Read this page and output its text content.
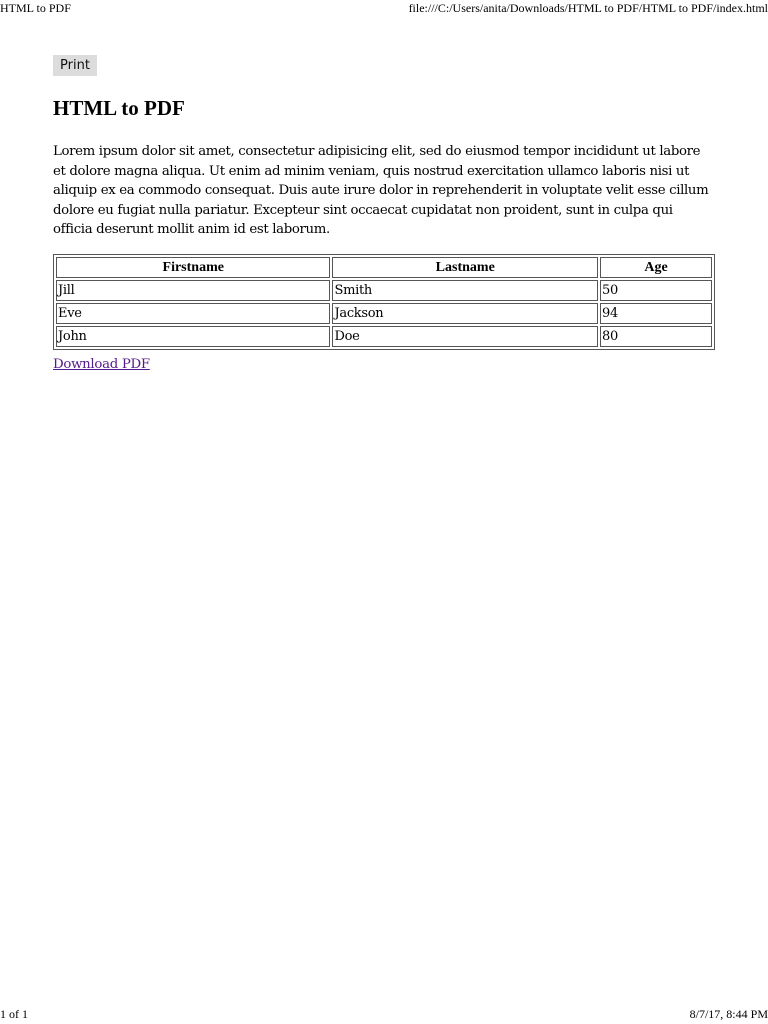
HTML to PDF	file:///C:/Users/anita/Downloads/HTML to PDF/HTML to PDF/index.html
Print
HTML to PDF

Lorem ipsum dolor sit amet, consectetur adipisicing elit, sed do eiusmod tempor incididunt ut labore et dolore magna aliqua. Ut enim ad minim veniam, quis nostrud exercitation ullamco laboris nisi ut aliquip ex ea commodo consequat. Duis aute irure dolor in reprehenderit in voluptate velit esse cillum dolore eu fugiat nulla pariatur. Excepteur sint occaecat cupidatat non proident, sunt in culpa qui officia deserunt mollit anim id est laborum.

Firstname	Lastname	Age
Jill	Smith	50
Eve	Jackson	94
John	Doe	80
Download PDF
1 of 1	8/7/17, 8:44 PM
